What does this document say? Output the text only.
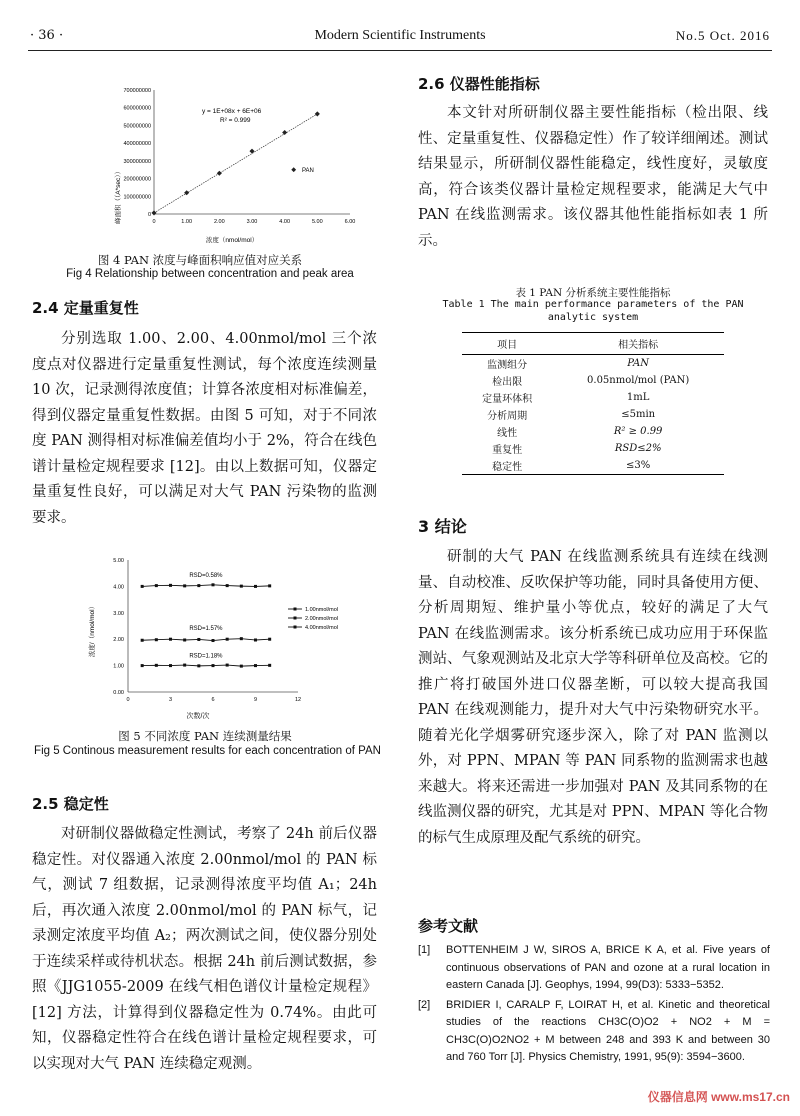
· 36 ·	Modern Scientific Instruments	No.5 Oct. 2016
0
100000000
200000000
300000000
400000000
500000000
600000000
700000000
0	1.00	2.00	3.00	4.00	5.00	6.00
y = 1E+08x + 6E+06
R² = 0.999
PAN
峰面积（（A*sec））
浓度（nmol/mol）
图 4 PAN 浓度与峰面积响应值对应关系
Fig 4 Relationship between concentration and peak area
2.4 定量重复性
分别选取 1.00、2.00、4.00nmol/mol 三个浓度点对仪器进行定量重复性测试，每个浓度连续测量 10 次，记录测得浓度值；计算各浓度相对标准偏差，得到仪器定量重复性数据。由图 5 可知，对于不同浓度 PAN 测得相对标准偏差值均小于 2%，符合在线色谱计量检定规程要求 [12]。由以上数据可知，仪器定量重复性良好，可以满足对大气 PAN 污染物的监测要求。
0.00
1.00
2.00
3.00
4.00
5.00
0	3	6	9	12
RSD=0.58%
RSD=1.57%
RSD=1.18%
1.00nmol/mol
2.00nmol/mol
4.00nmol/mol
浓度/（nmol/mol）
次数/次
图 5 不同浓度 PAN 连续测量结果
Fig 5 Continous measurement results for each concentration of PAN
2.5 稳定性
对研制仪器做稳定性测试，考察了 24h 前后仪器稳定性。对仪器通入浓度 2.00nmol/mol 的 PAN 标气，测试 7 组数据，记录测得浓度平均值 A₁；24h 后，再次通入浓度 2.00nmol/mol 的 PAN 标气，记录测定浓度平均值 A₂；两次测试之间，使仪器分别处于连续采样或待机状态。根据 24h 前后测试数据，参照《JJG1055-2009 在线气相色谱仪计量检定规程》[12] 方法，计算得到仪器稳定性为 0.74%。由此可知，仪器稳定性符合在线色谱计量检定规程要求，可以实现对大气 PAN 连续稳定观测。
2.6 仪器性能指标
本文针对所研制仪器主要性能指标（检出限、线性、定量重复性、仪器稳定性）作了较详细阐述。测试结果显示，所研制仪器性能稳定，线性度好，灵敏度高，符合该类仪器计量检定规程要求，能满足大气中 PAN 在线监测需求。该仪器其他性能指标如表 1 所示。
表 1 PAN 分析系统主要性能指标
Table 1 The main performance parameters of the PAN analytic system
项目	相关指标
监测组分	PAN
检出限	0.05nmol/mol (PAN)
定量环体积	1mL
分析周期	≤5min
线性	R² ≥ 0.99
重复性	RSD≤2%
稳定性	≤3%
3 结论
研制的大气 PAN 在线监测系统具有连续在线测量、自动校准、反吹保护等功能，同时具备使用方便、分析周期短、维护量小等优点，较好的满足了大气 PAN 在线监测需求。该分析系统已成功应用于环保监测站、气象观测站及北京大学等科研单位及高校。它的推广将打破国外进口仪器垄断，可以较大提高我国 PAN 在线观测能力，提升对大气中污染物研究水平。随着光化学烟雾研究逐步深入，除了对 PAN 监测以外，对 PPN、MPAN 等 PAN 同系物的监测需求也越来越大。将来还需进一步加强对 PAN 及其同系物的在线监测仪器的研究，尤其是对 PPN、MPAN 等化合物的标气生成原理及配气系统的研究。
参考文献
[1]	BOTTENHEIM J W, SIROS A, BRICE K A, et al. Five years of continuous observations of PAN and ozone at a rural location in eastern Canada [J]. Geophys, 1994, 99(D3): 5333−5352.
[2]	BRIDIER I, CARALP F, LOIRAT H, et al. Kinetic and theoretical studies of the reactions CH3C(O)O2 + NO2 + M = CH3C(O)O2NO2 + M between 248 and 393 K and between 30 and 760 Torr [J]. Physics Chemistry, 1991, 95(9): 3594−3600.
仪器信息网 www.ms17.cn
